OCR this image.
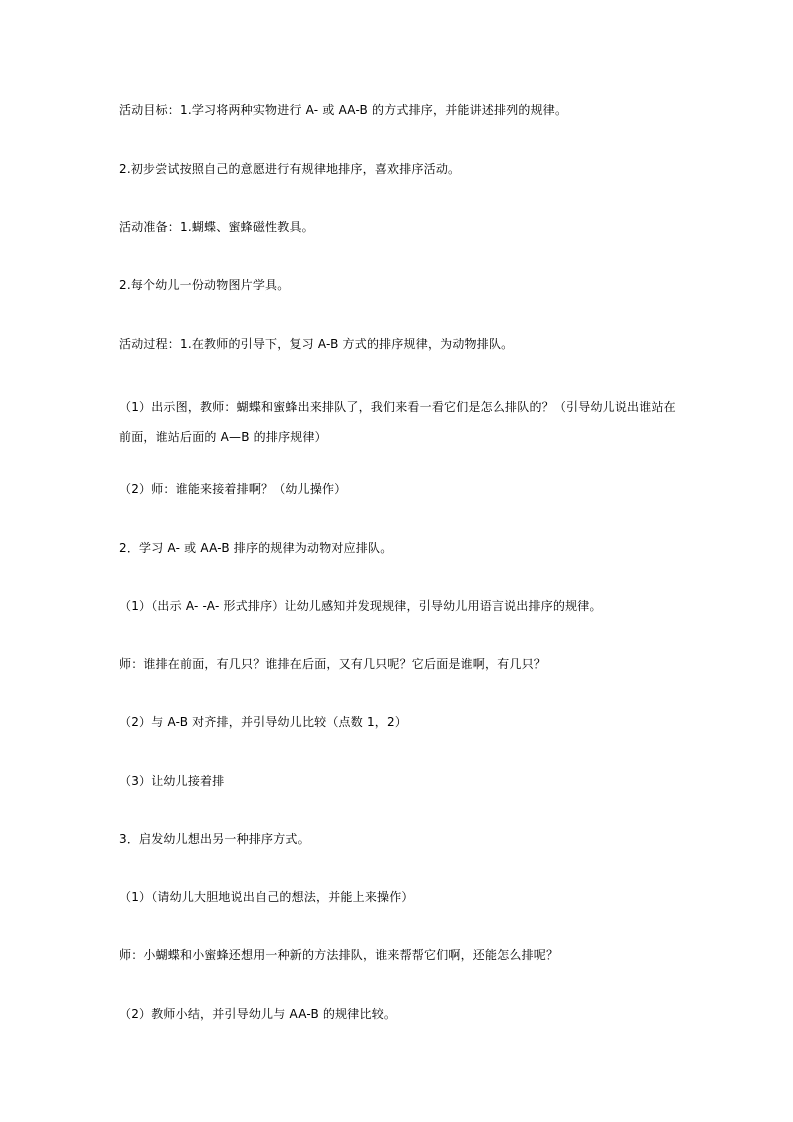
活动目标：1.学习将两种实物进行 A- 或 AA-B 的方式排序，并能讲述排列的规律。

2.初步尝试按照自己的意愿进行有规律地排序，喜欢排序活动。

活动准备：1.蝴蝶、蜜蜂磁性教具。

2.每个幼儿一份动物图片学具。

活动过程：1.在教师的引导下，复习 A-B 方式的排序规律，为动物排队。

（1）出示图，教师：蝴蝶和蜜蜂出来排队了，我们来看一看它们是怎么排队的？（引导幼儿说出谁站在前面，谁站后面的 A—B 的排序规律）

（2）师：谁能来接着排啊？（幼儿操作）

2．学习 A- 或 AA-B 排序的规律为动物对应排队。

（1）（出示 A- -A- 形式排序）让幼儿感知并发现规律，引导幼儿用语言说出排序的规律。

师：谁排在前面，有几只？谁排在后面，又有几只呢？它后面是谁啊，有几只？

（2）与 A-B 对齐排，并引导幼儿比较（点数 1，2）

（3）让幼儿接着排

3．启发幼儿想出另一种排序方式。

（1）（请幼儿大胆地说出自己的想法，并能上来操作）

师：小蝴蝶和小蜜蜂还想用一种新的方法排队，谁来帮帮它们啊，还能怎么排呢？

（2）教师小结，并引导幼儿与 AA-B 的规律比较。
